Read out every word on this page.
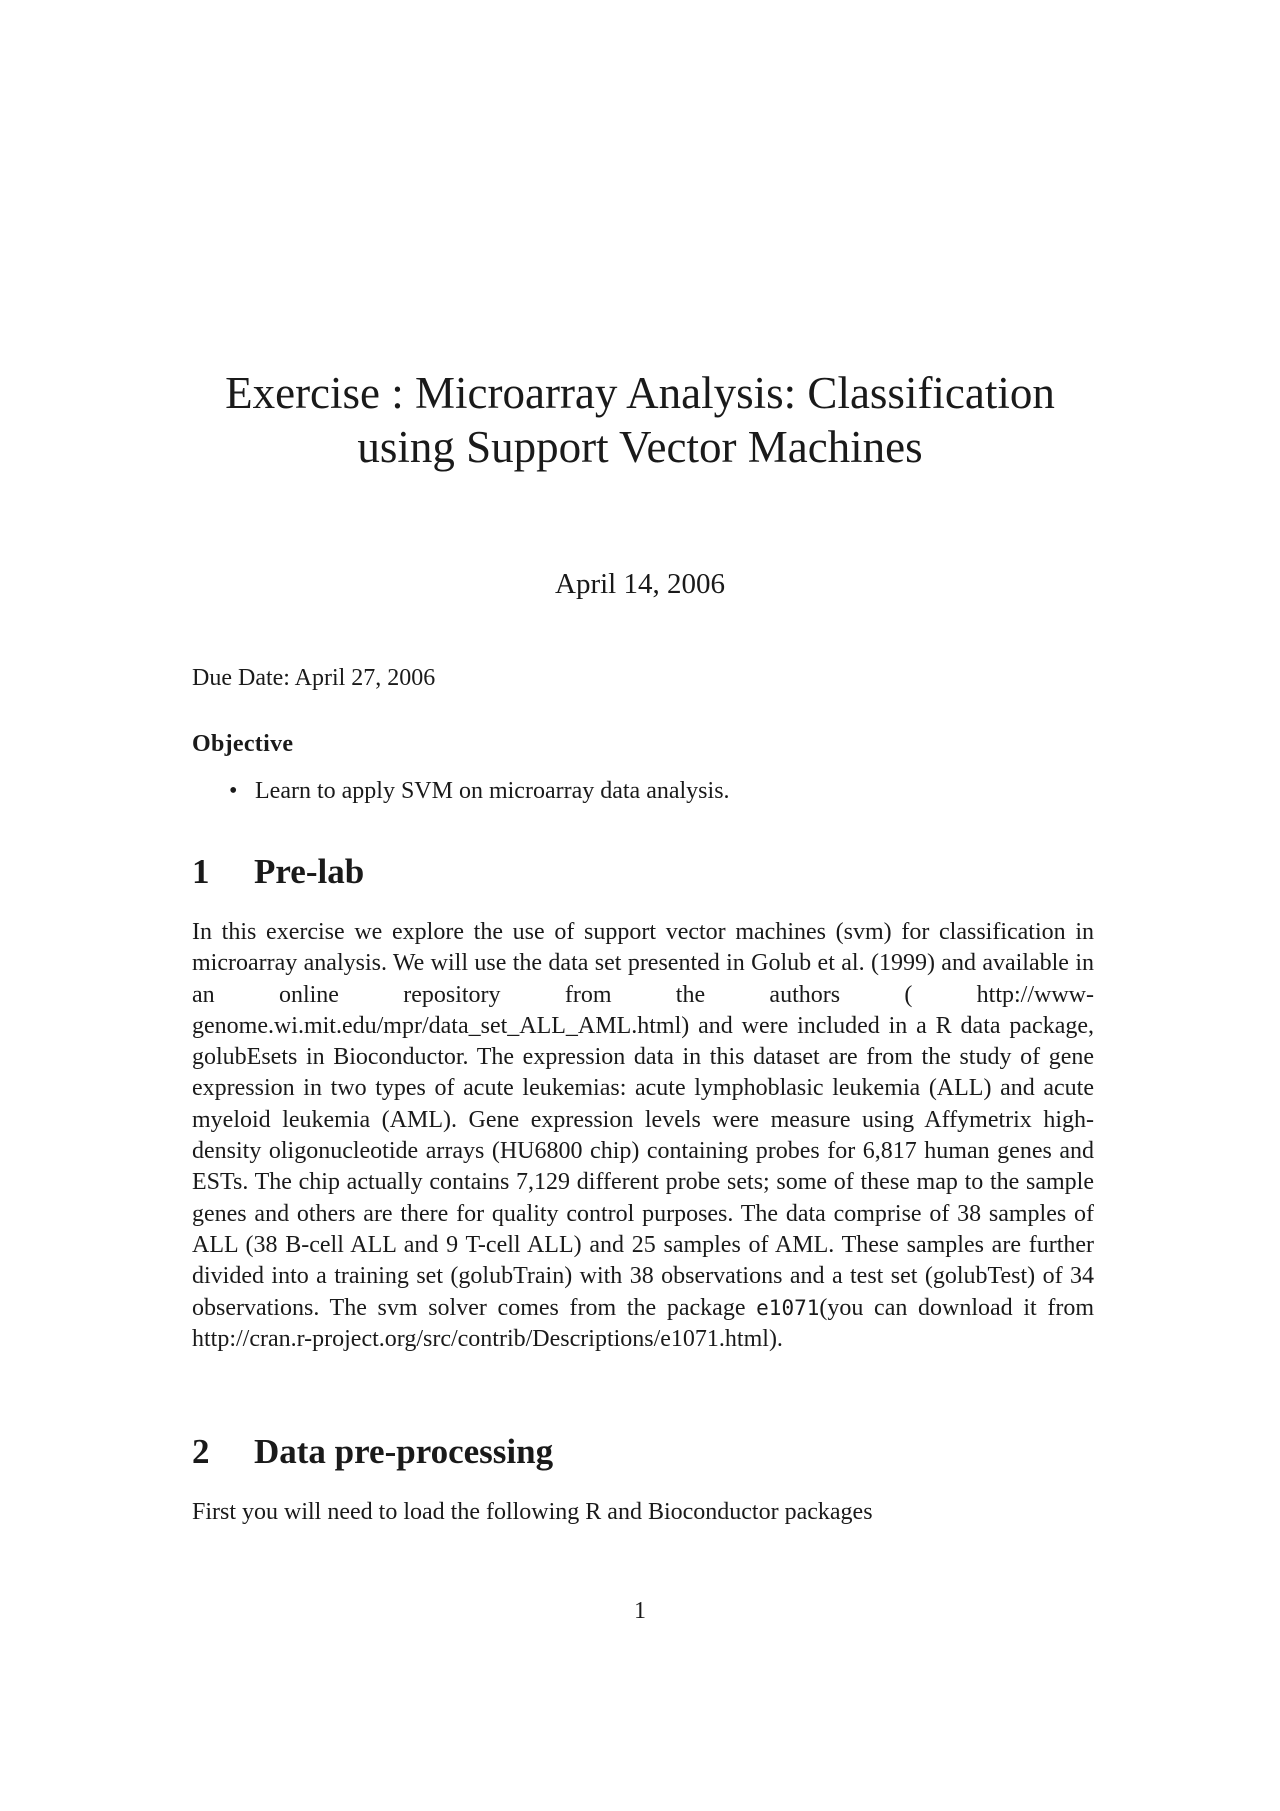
Exercise : Microarray Analysis: Classification
using Support Vector Machines
April 14, 2006
Due Date: April 27, 2006
Objective
• Learn to apply SVM on microarray data analysis.
1 Pre-lab

In this exercise we explore the use of support vector machines (svm) for classification in microarray analysis. We will use the data set presented in Golub et al. (1999) and available in an online repository from the authors ( http://www-genome.wi.mit.edu/mpr/data_set_ALL_AML.html) and were included in a R data package, golubEsets in Bioconductor. The expression data in this dataset are from the study of gene expression in two types of acute leukemias: acute lymphoblasic leukemia (ALL) and acute myeloid leukemia (AML). Gene expression levels were measure using Affymetrix high-density oligonucleotide arrays (HU6800 chip) containing probes for 6,817 human genes and ESTs. The chip actually contains 7,129 different probe sets; some of these map to the sample genes and others are there for quality control purposes. The data comprise of 38 samples of ALL (38 B-cell ALL and 9 T-cell ALL) and 25 samples of AML. These samples are further divided into a training set (golubTrain) with 38 observations and a test set (golubTest) of 34 observations. The svm solver comes from the package e1071(you can download it from http://cran.r-project.org/src/contrib/Descriptions/e1071.html).

2 Data pre-processing

First you will need to load the following R and Bioconductor packages

1
